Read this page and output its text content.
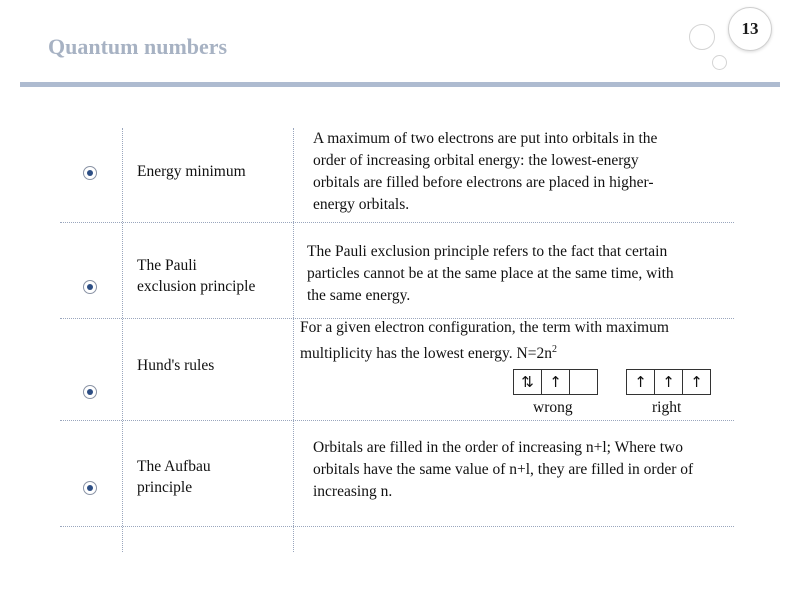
Quantum numbers
13
Energy minimum
A maximum of two electrons are put into orbitals in the
order of increasing orbital energy: the lowest-energy
orbitals are filled before electrons are placed in higher-
energy orbitals.
The Pauli
exclusion principle
The Pauli exclusion principle refers to the fact that certain
particles cannot be at the same place at the same time, with
the same energy.
Hund's rules
For a given electron configuration, the term with maximum
multiplicity has the lowest energy. $N=2n^2$
⇅	↑
wrong
↑	↑	↑
right
The Aufbau
principle
Orbitals are filled in the order of increasing n+l; Where two
orbitals have the same value of n+l, they are filled in order of
increasing n.
